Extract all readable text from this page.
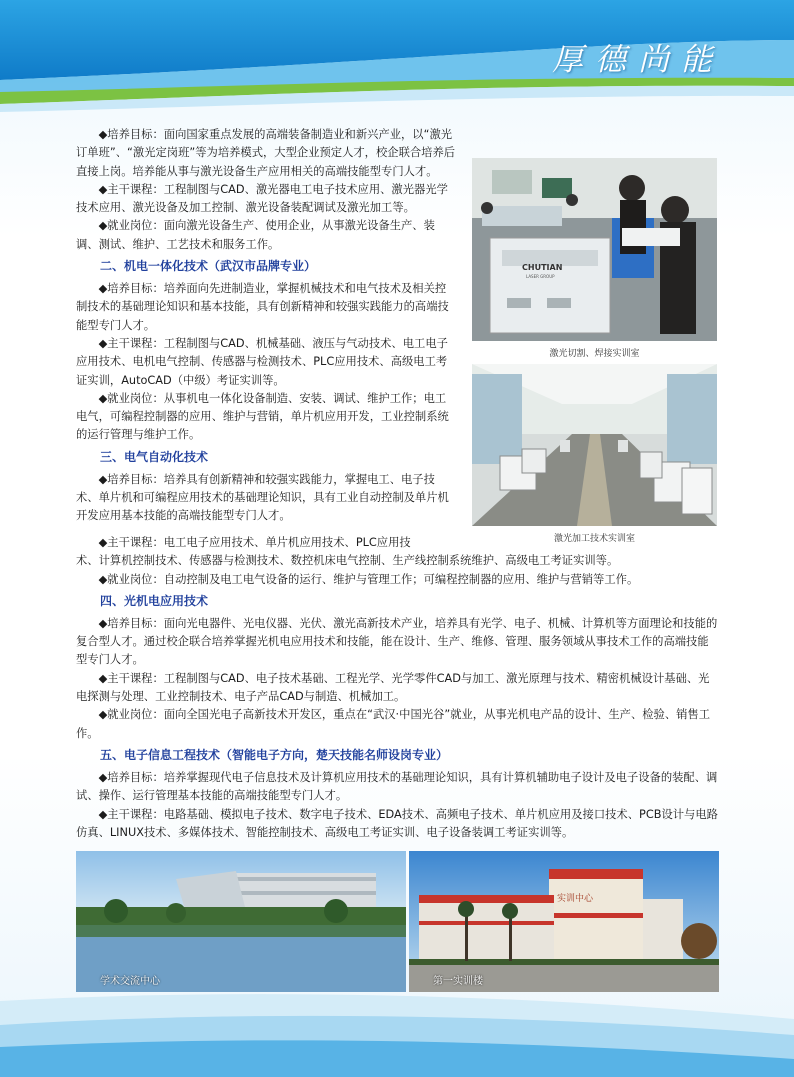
厚德尚能

◆培养目标：面向国家重点发展的高端装备制造业和新兴产业，以“激光订单班”、“激光定岗班”等为培养模式，大型企业预定人才，校企联合培养后直接上岗。培养能从事与激光设备生产应用相关的高端技能型专门人才。

◆主干课程：工程制图与CAD、激光器电工电子技术应用、激光器光学技术应用、激光设备及加工控制、激光设备装配调试及激光加工等。

◆就业岗位：面向激光设备生产、使用企业，从事激光设备生产、装调、测试、维护、工艺技术和服务工作。

二、机电一体化技术（武汉市品牌专业）

◆培养目标：培养面向先进制造业，掌握机械技术和电气技术及相关控制技术的基础理论知识和基本技能，具有创新精神和较强实践能力的高端技能型专门人才。

◆主干课程：工程制图与CAD、机械基础、液压与气动技术、电工电子应用技术、电机电气控制、传感器与检测技术、PLC应用技术、高级电工考证实训，AutoCAD（中级）考证实训等。

◆就业岗位：从事机电一体化设备制造、安装、调试、维护工作；电工电气，可编程控制器的应用、维护与营销，单片机应用开发，工业控制系统的运行管理与维护工作。

三、电气自动化技术

◆培养目标：培养具有创新精神和较强实践能力，掌握电工、电子技术、单片机和可编程应用技术的基础理论知识，具有工业自动控制及单片机开发应用基本技能的高端技能型专门人才。

◆主干课程：电工电子应用技术、单片机应用技术、PLC应用技

术、计算机控制技术、传感器与检测技术、数控机床电气控制、生产线控制系统维护、高级电工考证实训等。

◆就业岗位：自动控制及电工电气设备的运行、维护与管理工作；可编程控制器的应用、维护与营销等工作。

四、光机电应用技术

◆培养目标：面向光电器件、光电仪器、光伏、激光高新技术产业，培养具有光学、电子、机械、计算机等方面理论和技能的复合型人才。通过校企联合培养掌握光机电应用技术和技能，能在设计、生产、维修、管理、服务领域从事技术工作的高端技能型专门人才。

◆主干课程：工程制图与CAD、电子技术基础、工程光学、光学零件CAD与加工、激光原理与技术、精密机械设计基础、光电探测与处理、工业控制技术、电子产品CAD与制造、机械加工。

◆就业岗位：面向全国光电子高新技术开发区，重点在“武汉·中国光谷”就业，从事光机电产品的设计、生产、检验、销售工作。

五、电子信息工程技术（智能电子方向，楚天技能名师设岗专业）

◆培养目标：培养掌握现代电子信息技术及计算机应用技术的基础理论知识，具有计算机辅助电子设计及电子设备的装配、调试、操作、运行管理基本技能的高端技能型专门人才。

◆主干课程：电路基础、模拟电子技术、数字电子技术、EDA技术、高频电子技术、单片机应用及接口技术、PCB设计与电路仿真、LINUX技术、多媒体技术、智能控制技术、高级电工考证实训、电子设备装调工考证实训等。

CHUTIAN
LASER GROUP
激光切割、焊接实训室
激光加工技术实训室
学术交流中心
实训中心
第一实训楼
